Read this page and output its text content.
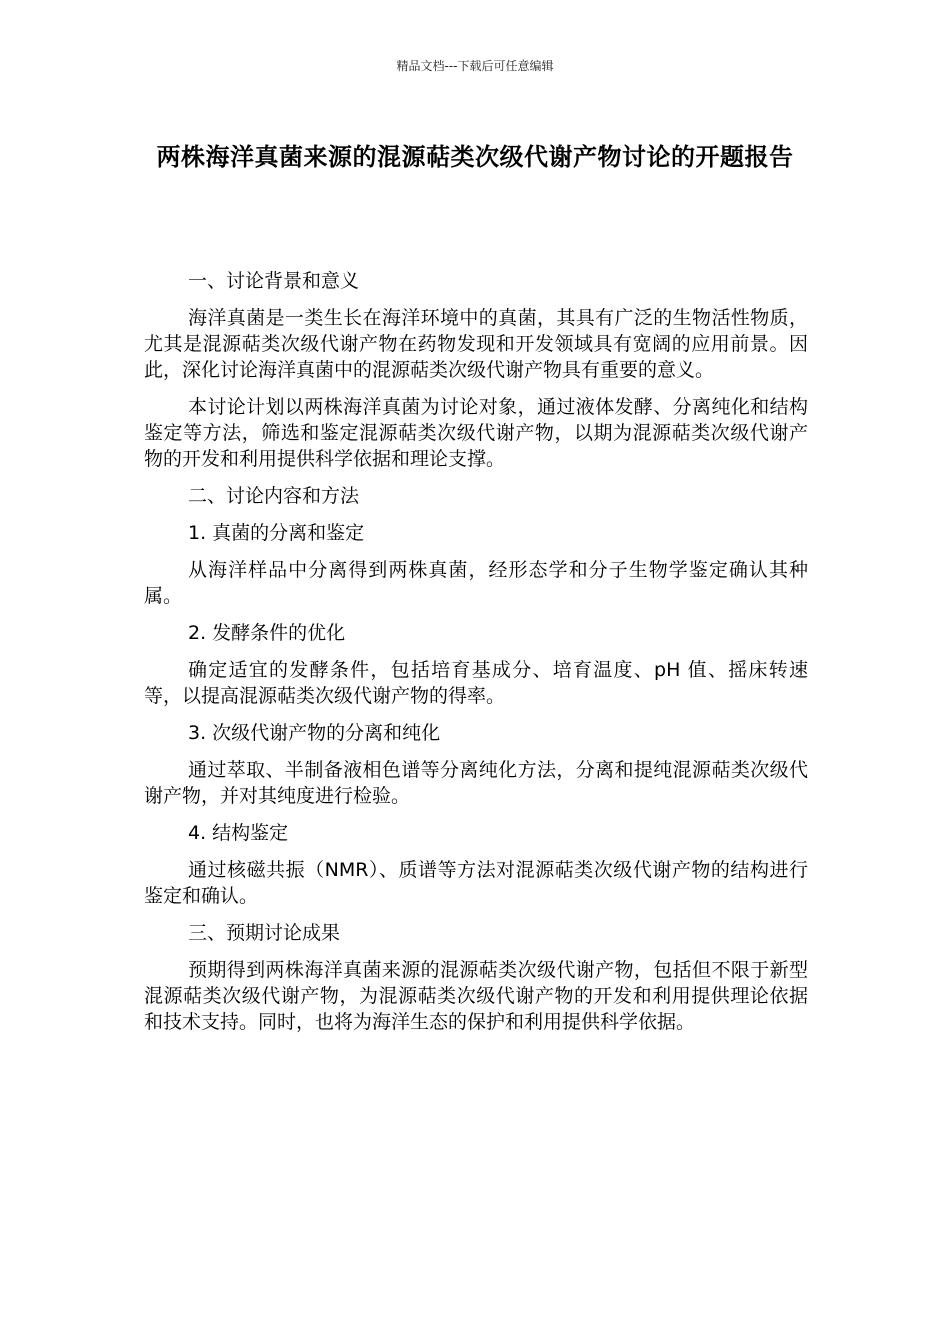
精品文档---下载后可任意编辑
两株海洋真菌来源的混源萜类次级代谢产物讨论的开题报告
一、讨论背景和意义
海洋真菌是一类生长在海洋环境中的真菌，其具有广泛的生物活性物质，尤其是混源萜类次级代谢产物在药物发现和开发领域具有宽阔的应用前景。因此，深化讨论海洋真菌中的混源萜类次级代谢产物具有重要的意义。
本讨论计划以两株海洋真菌为讨论对象，通过液体发酵、分离纯化和结构鉴定等方法，筛选和鉴定混源萜类次级代谢产物，以期为混源萜类次级代谢产物的开发和利用提供科学依据和理论支撑。
二、讨论内容和方法
1. 真菌的分离和鉴定
从海洋样品中分离得到两株真菌，经形态学和分子生物学鉴定确认其种属。
2. 发酵条件的优化
确定适宜的发酵条件，包括培育基成分、培育温度、pH 值、摇床转速等，以提高混源萜类次级代谢产物的得率。
3. 次级代谢产物的分离和纯化
通过萃取、半制备液相色谱等分离纯化方法，分离和提纯混源萜类次级代谢产物，并对其纯度进行检验。
4. 结构鉴定
通过核磁共振（NMR）、质谱等方法对混源萜类次级代谢产物的结构进行鉴定和确认。
三、预期讨论成果
预期得到两株海洋真菌来源的混源萜类次级代谢产物，包括但不限于新型混源萜类次级代谢产物，为混源萜类次级代谢产物的开发和利用提供理论依据和技术支持。同时，也将为海洋生态的保护和利用提供科学依据。
